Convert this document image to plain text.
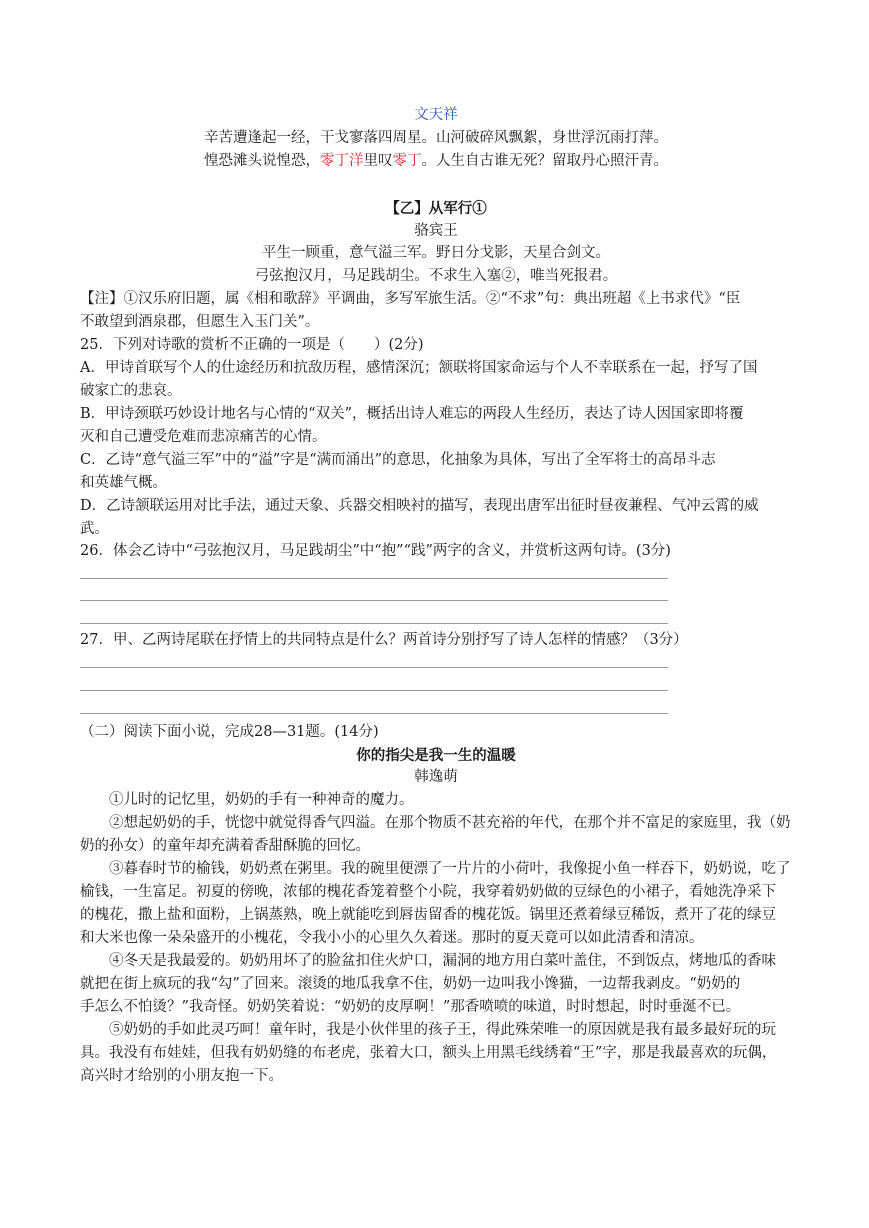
文天祥
辛苦遭逢起一经，干戈寥落四周星。山河破碎风飘絮，身世浮沉雨打萍。
惶恐滩头说惶恐，零丁洋里叹零丁。人生自古谁无死？留取丹心照汗青。
【乙】从军行①
骆宾王
平生一顾重，意气溢三军。野日分戈影，天星合剑文。
弓弦抱汉月，马足践胡尘。不求生入塞②，唯当死报君。
【注】①汉乐府旧题，属《相和歌辞》平调曲，多写军旅生活。②“不求”句：典出班超《上书求代》“臣
不敢望到酒泉郡，但愿生入玉门关”。
25．下列对诗歌的赏析不正确的一项是（　　）(2分)
A．甲诗首联写个人的仕途经历和抗敌历程，感情深沉；颔联将国家命运与个人不幸联系在一起，抒写了国
破家亡的悲哀。
B．甲诗颈联巧妙设计地名与心情的“双关”，概括出诗人难忘的两段人生经历，表达了诗人因国家即将覆
灭和自己遭受危难而悲凉痛苦的心情。
C．乙诗“意气溢三军”中的“溢”字是“满而涌出”的意思，化抽象为具体，写出了全军将士的高昂斗志
和英雄气概。
D．乙诗颔联运用对比手法，通过天象、兵器交相映衬的描写，表现出唐军出征时昼夜兼程、气冲云霄的威
武。
26．体会乙诗中“弓弦抱汉月，马足践胡尘”中“抱”“践”两字的含义，并赏析这两句诗。(3分)
27．甲、乙两诗尾联在抒情上的共同特点是什么？两首诗分别抒写了诗人怎样的情感？（3分）
（二）阅读下面小说，完成28—31题。(14分)
你的指尖是我一生的温暖
韩逸萌
①儿时的记忆里，奶奶的手有一种神奇的魔力。
②想起奶奶的手，恍惚中就觉得香气四溢。在那个物质不甚充裕的年代，在那个并不富足的家庭里，我（奶
奶的孙女）的童年却充满着香甜酥脆的回忆。
③暮春时节的榆钱，奶奶煮在粥里。我的碗里便漂了一片片的小荷叶，我像捉小鱼一样吞下，奶奶说，吃了
榆钱，一生富足。初夏的傍晚，浓郁的槐花香笼着整个小院，我穿着奶奶做的豆绿色的小裙子，看她洗净采下
的槐花，撒上盐和面粉，上锅蒸熟，晚上就能吃到唇齿留香的槐花饭。锅里还煮着绿豆稀饭，煮开了花的绿豆
和大米也像一朵朵盛开的小槐花，令我小小的心里久久着迷。那时的夏天竟可以如此清香和清凉。
④冬天是我最爱的。奶奶用坏了的脸盆扣住火炉口，漏洞的地方用白菜叶盖住，不到饭点，烤地瓜的香味
就把在街上疯玩的我“勾”了回来。滚烫的地瓜我拿不住，奶奶一边叫我小馋猫，一边帮我剥皮。“奶奶的
手怎么不怕烫？”我奇怪。奶奶笑着说：“奶奶的皮厚啊！”那香喷喷的味道，时时想起，时时垂涎不已。
⑤奶奶的手如此灵巧呵！童年时，我是小伙伴里的孩子王，得此殊荣唯一的原因就是我有最多最好玩的玩
具。我没有布娃娃，但我有奶奶缝的布老虎，张着大口，额头上用黑毛线绣着“王”字，那是我最喜欢的玩偶，
高兴时才给别的小朋友抱一下。
